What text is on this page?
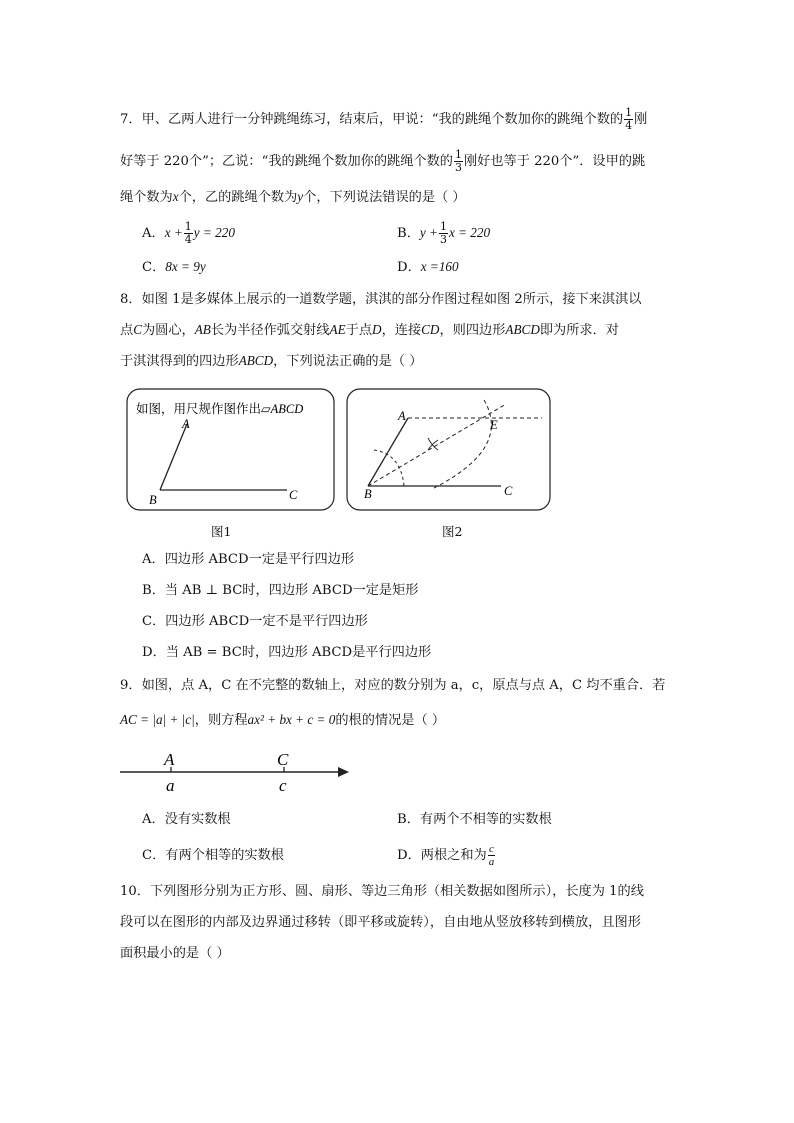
7．甲、乙两人进行一分钟跳绳练习，结束后，甲说：“我的跳绳个数加你的跳绳个数的 $\frac{1}{4}$ 刚
好等于 220个”；乙说：“我的跳绳个数加你的跳绳个数的 $\frac{1}{3}$ 刚好也等于 220个”．设甲的跳
绳个数为x个，乙的跳绳个数为y个，下列说法错误的是（ ）
A．$x + \frac{1}{4}$ y = 220	B．$y + \frac{1}{3}$ x = 220
C．8x = 9y	D．x =160
8．如图 1是多媒体上展示的一道数学题，淇淇的部分作图过程如图 2所示，接下来淇淇以
点C为圆心，AB长为半径作弧交射线AE于点D，连接CD，则四边形ABCD即为所求．对
于淇淇得到的四边形ABCD，下列说法正确的是（ ）
如图，用尺规作图作出▱ABCD
A
B	C
图1
A
B	C
E
图2
A．四边形 ABCD一定是平行四边形
B．当 AB ⊥ BC时，四边形 ABCD一定是矩形
C．四边形 ABCD一定不是平行四边形
D．当 AB = BC时，四边形 ABCD是平行四边形
9．如图，点 A，C 在不完整的数轴上，对应的数分别为 a，c，原点与点 A，C 均不重合．若
AC = |a| + |c|，则方程ax² + bx + c = 0的根的情况是（ ）
A
a
C
c
A．没有实数根	B．有两个不相等的实数根
C．有两个相等的实数根	D．两根之和为 $\frac{c}{a}$
10．下列图形分别为正方形、圆、扇形、等边三角形（相关数据如图所示），长度为 1的线
段可以在图形的内部及边界通过移转（即平移或旋转），自由地从竖放移转到横放，且图形
面积最小的是（ ）
